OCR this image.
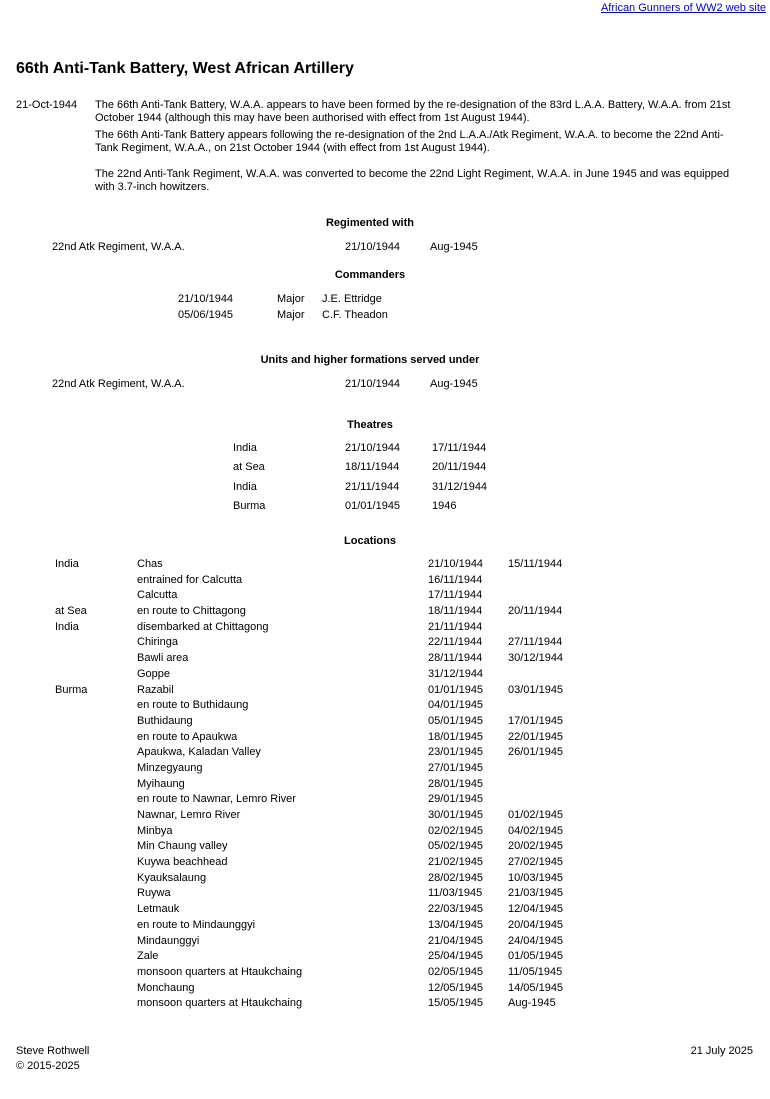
African Gunners of WW2 web site
66th Anti-Tank Battery, West African Artillery
21-Oct-1944 The 66th Anti-Tank Battery, W.A.A. appears to have been formed by the re-designation of the 83rd L.A.A. Battery, W.A.A. from 21st October 1944 (although this may have been authorised with effect from 1st August 1944).

The 66th Anti-Tank Battery appears following the re-designation of the 2nd L.A.A./Atk Regiment, W.A.A. to become the 22nd Anti-Tank Regiment, W.A.A., on 21st October 1944 (with effect from 1st August 1944).

The 22nd Anti-Tank Regiment, W.A.A. was converted to become the 22nd Light Regiment, W.A.A. in June 1945 and was equipped with 3.7-inch howitzers.

Regimented with
22nd Atk Regiment, W.A.A.	21/10/1944	Aug-1945
Commanders
21/10/1944	Major J.E. Ettridge
05/06/1945	Major C.F. Theadon
Units and higher formations served under
22nd Atk Regiment, W.A.A.	21/10/1944	Aug-1945
Theatres
India	21/10/1944	17/11/1944
at Sea	18/11/1944	20/11/1944
India	21/11/1944	31/12/1944
Burma	01/01/1945	1946
Locations
India	Chas	21/10/1944 15/11/1944
entrained for Calcutta	16/11/1944
Calcutta	17/11/1944
at Sea	en route to Chittagong	18/11/1944 20/11/1944
India	disembarked at Chittagong	21/11/1944
Chiringa	22/11/1944 27/11/1944
Bawli area	28/11/1944 30/12/1944
Goppe	31/12/1944
Burma	Razabil	01/01/1945 03/01/1945
en route to Buthidaung	04/01/1945
Buthidaung	05/01/1945 17/01/1945
en route to Apaukwa	18/01/1945 22/01/1945
Apaukwa, Kaladan Valley	23/01/1945 26/01/1945
Minzegyaung	27/01/1945
Myihaung	28/01/1945
en route to Nawnar, Lemro River	29/01/1945
Nawnar, Lemro River	30/01/1945 01/02/1945
Minbya	02/02/1945 04/02/1945
Min Chaung valley	05/02/1945 20/02/1945
Kuywa beachhead	21/02/1945 27/02/1945
Kyauksalaung	28/02/1945 10/03/1945
Ruywa	11/03/1945 21/03/1945
Letmauk	22/03/1945 12/04/1945
en route to Mindaunggyi	13/04/1945 20/04/1945
Mindaunggyi	21/04/1945 24/04/1945
Zale	25/04/1945 01/05/1945
monsoon quarters at Htaukchaing	02/05/1945 11/05/1945
Monchaung	12/05/1945 14/05/1945
monsoon quarters at Htaukchaing	15/05/1945 Aug-1945
Steve Rothwell
© 2015-2025
21 July 2025
